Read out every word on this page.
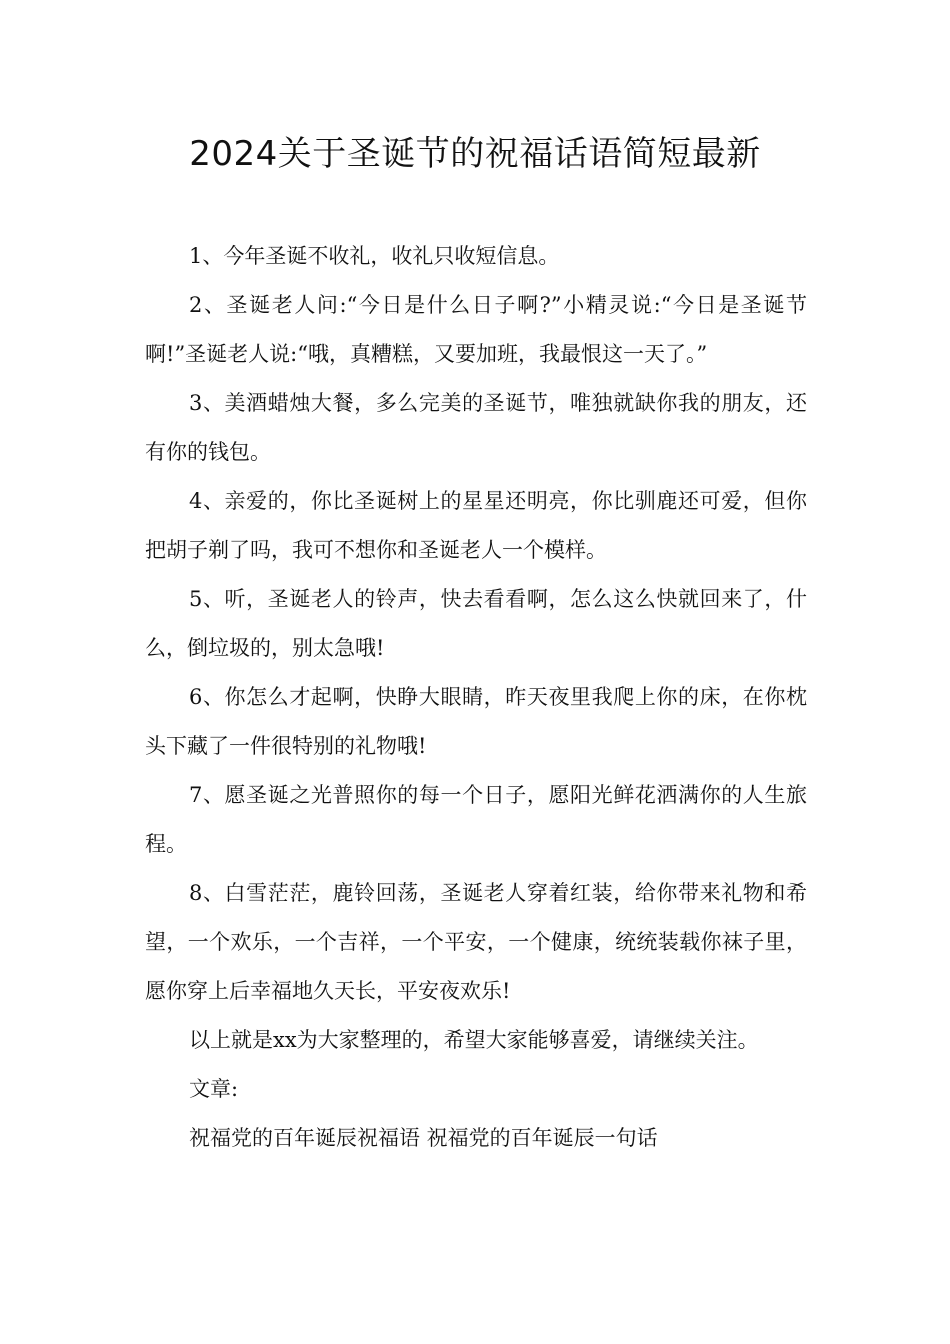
2024关于圣诞节的祝福话语简短最新

1、今年圣诞不收礼，收礼只收短信息。

2、圣诞老人问:“今日是什么日子啊?”小精灵说:“今日是圣诞节啊!”圣诞老人说:“哦，真糟糕，又要加班，我最恨这一天了。”

3、美酒蜡烛大餐，多么完美的圣诞节，唯独就缺你我的朋友，还有你的钱包。

4、亲爱的，你比圣诞树上的星星还明亮，你比驯鹿还可爱，但你把胡子剃了吗，我可不想你和圣诞老人一个模样。

5、听，圣诞老人的铃声，快去看看啊，怎么这么快就回来了，什么，倒垃圾的，别太急哦!

6、你怎么才起啊，快睁大眼睛，昨天夜里我爬上你的床，在你枕头下藏了一件很特别的礼物哦!

7、愿圣诞之光普照你的每一个日子，愿阳光鲜花洒满你的人生旅程。

8、白雪茫茫，鹿铃回荡，圣诞老人穿着红装，给你带来礼物和希望，一个欢乐，一个吉祥，一个平安，一个健康，统统装载你袜子里，愿你穿上后幸福地久天长，平安夜欢乐!

以上就是xx为大家整理的，希望大家能够喜爱，请继续关注。

文章:

祝福党的百年诞辰祝福语 祝福党的百年诞辰一句话
